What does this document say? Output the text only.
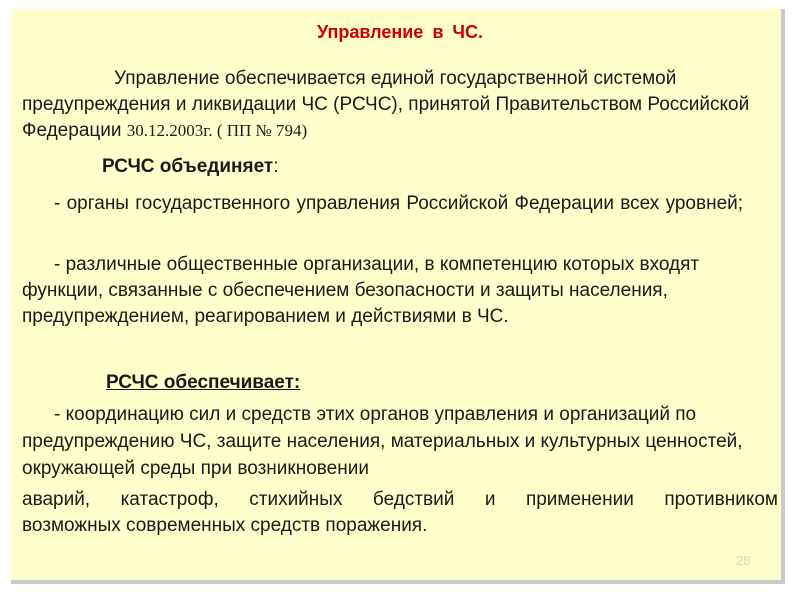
Управление в ЧС.

Управление обеспечивается единой государственной системой предупреждения и ликвидации ЧС (РСЧС), принятой Правительством Российской Федерации 30.12.2003г. ( ПП № 794)

РСЧС объединяет:

- органы государственного управления Российской Федерации всех уровней;

- различные общественные организации, в компетенцию которых входят функции, связанные с обеспечением безопасности и защиты населения, предупреждением, реагированием и действиями в ЧС.

РСЧС обеспечивает:

- координацию сил и средств этих органов управления и организаций по предупреждению ЧС, защите населения, материальных и культурных ценностей, окружающей среды при возникновении

аварий, катастроф, стихийных бедствий и применении противником

возможных современных средств поражения.

28
